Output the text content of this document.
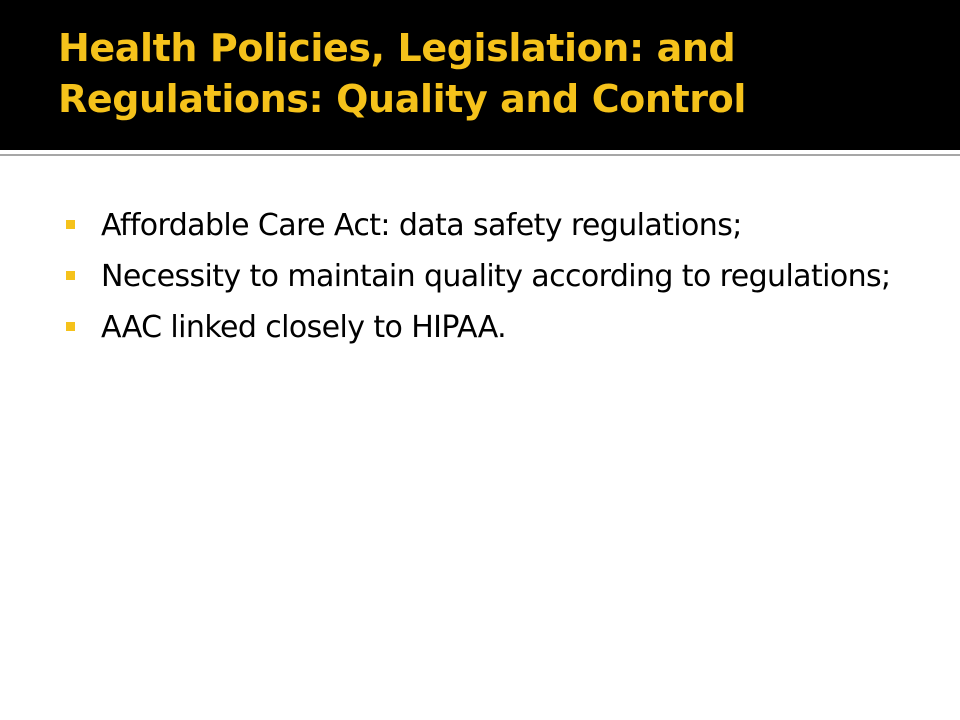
Health Policies, Legislation: and Regulations: Quality and Control
Affordable Care Act: data safety regulations;
Necessity to maintain quality according to regulations;
AAC linked closely to HIPAA.
